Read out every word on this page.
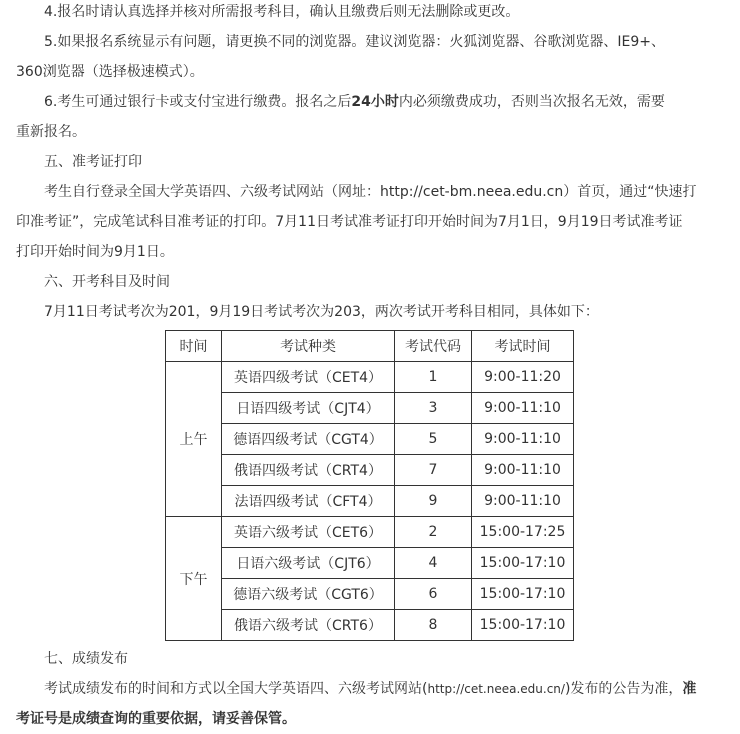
4.报名时请认真选择并核对所需报考科目，确认且缴费后则无法删除或更改。

5.如果报名系统显示有问题，请更换不同的浏览器。建议浏览器：火狐浏览器、谷歌浏览器、IE9+、

360浏览器（选择极速模式）。

6.考生可通过银行卡或支付宝进行缴费。报名之后24小时内必须缴费成功，否则当次报名无效，需要

重新报名。

五、准考证打印

考生自行登录全国大学英语四、六级考试网站（网址：http://cet-bm.neea.edu.cn）首页，通过“快速打

印准考证”，完成笔试科目准考证的打印。7月11日考试准考证打印开始时间为7月1日，9月19日考试准考证

打印开始时间为9月1日。

六、开考科目及时间

7月11日考试考次为201，9月19日考试考次为203，两次考试开考科目相同，具体如下：

时间	考试种类	考试代码	考试时间
上午	英语四级考试（CET4）	1	9:00-11:20
	日语四级考试（CJT4）	3	9:00-11:10
	德语四级考试（CGT4）	5	9:00-11:10
	俄语四级考试（CRT4）	7	9:00-11:10
	法语四级考试（CFT4）	9	9:00-11:10
下午	英语六级考试（CET6）	2	15:00-17:25
	日语六级考试（CJT6）	4	15:00-17:10
	德语六级考试（CGT6）	6	15:00-17:10
	俄语六级考试（CRT6）	8	15:00-17:10

七、成绩发布

考试成绩发布的时间和方式以全国大学英语四、六级考试网站(http://cet.neea.edu.cn/)发布的公告为准，准

考证号是成绩查询的重要依据，请妥善保管。
